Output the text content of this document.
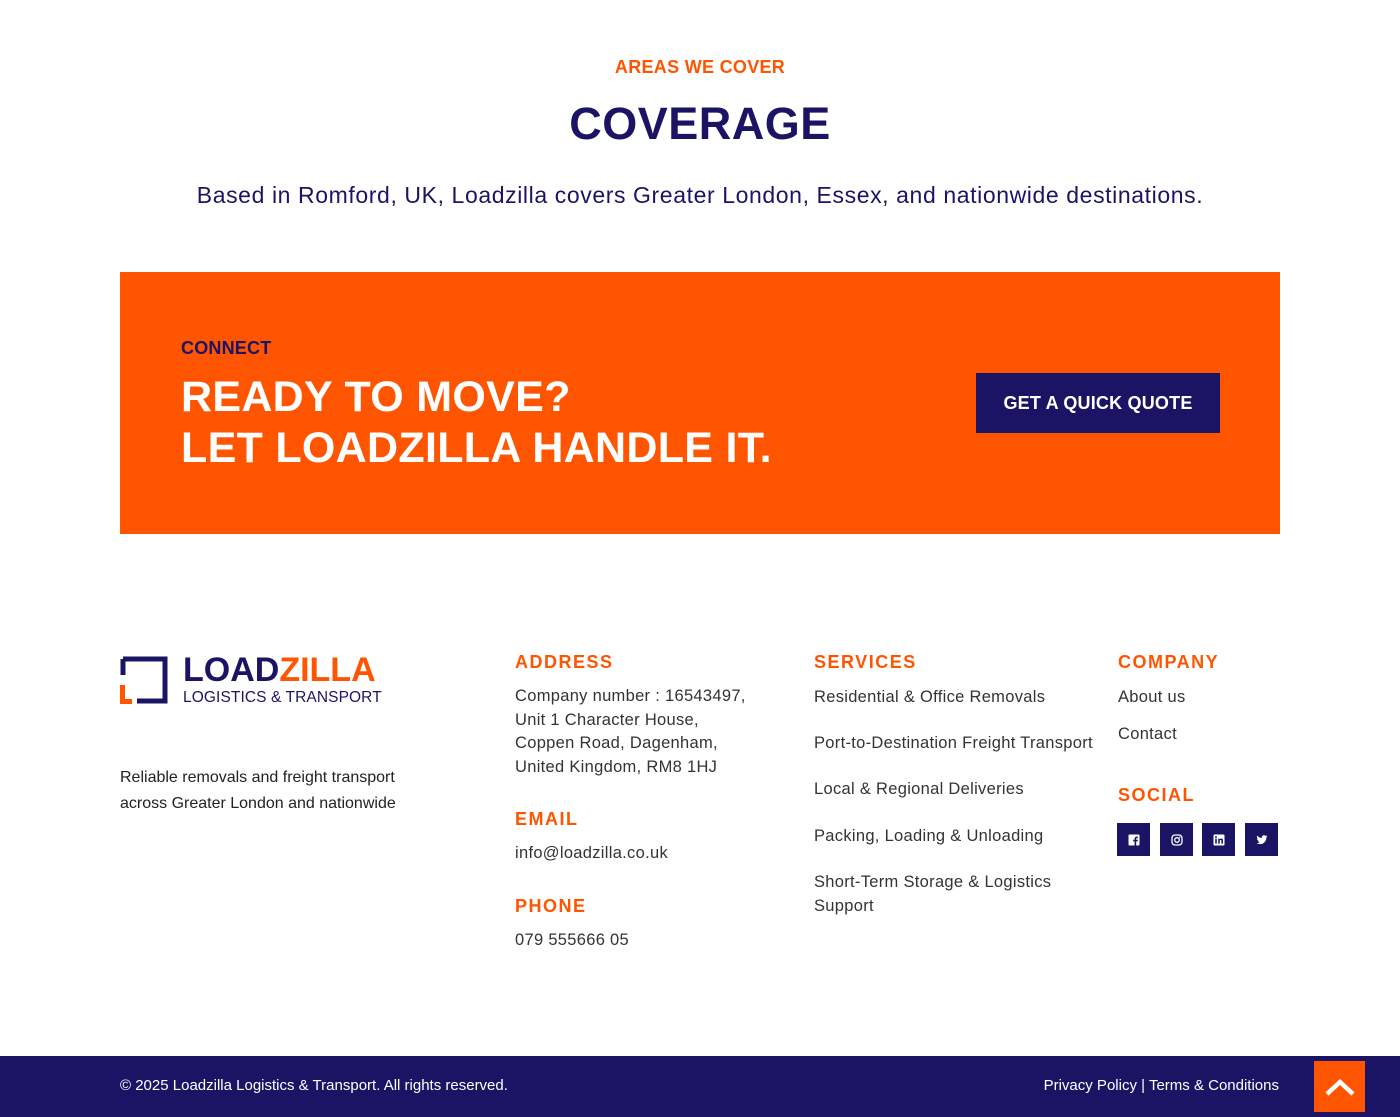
AREAS WE COVER
COVERAGE

Based in Romford, UK, Loadzilla covers Greater London, Essex, and nationwide destinations.

CONNECT
READY TO MOVE?
LET LOADZILLA HANDLE IT.
GET A QUICK QUOTE
LOADZILLA
LOGISTICS & TRANSPORT

Reliable removals and freight transport across Greater London and nationwide

ADDRESS
Company number : 16543497,
Unit 1 Character House,
Coppen Road, Dagenham,
United Kingdom, RM8 1HJ
EMAIL
info@loadzilla.co.uk
PHONE
079 555666 05
SERVICES
Residential & Office Removals
Port-to-Destination Freight Transport
Local & Regional Deliveries
Packing, Loading & Unloading
Short-Term Storage & Logistics Support
COMPANY
About us
Contact
SOCIAL
© 2025 Loadzilla Logistics & Transport. All rights reserved.	Privacy Policy | Terms & Conditions
